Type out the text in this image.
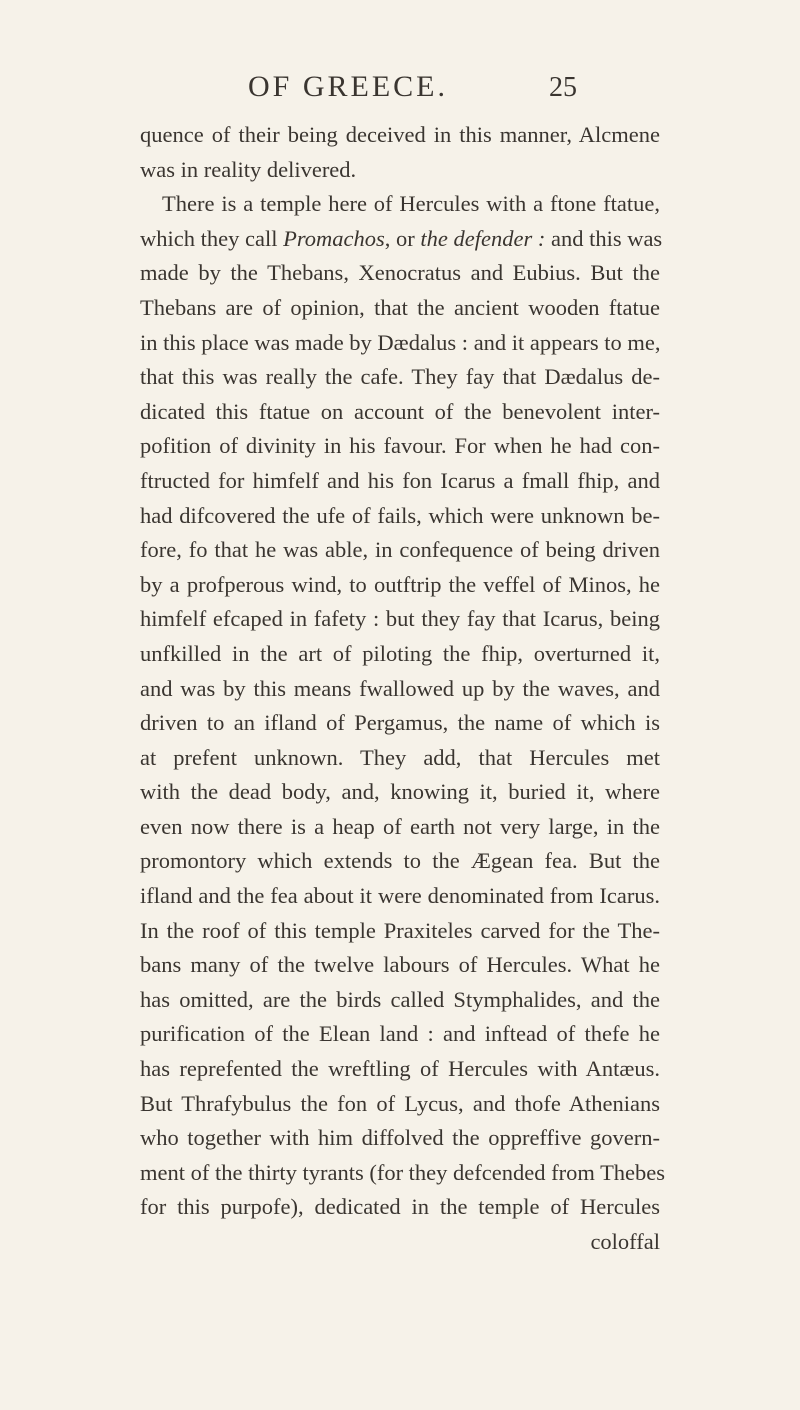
OF GREECE.	25
quence of their being deceived in this manner, Alcmene
was in reality delivered.
There is a temple here of Hercules with a ftone ftatue,
which they call Promachos, or the defender : and this was
made by the Thebans, Xenocratus and Eubius. But the
Thebans are of opinion, that the ancient wooden ftatue
in this place was made by Dædalus : and it appears to me,
that this was really the cafe. They fay that Dædalus de-
dicated this ftatue on account of the benevolent inter-
pofition of divinity in his favour. For when he had con-
ftructed for himfelf and his fon Icarus a fmall fhip, and
had difcovered the ufe of fails, which were unknown be-
fore, fo that he was able, in confequence of being driven
by a profperous wind, to outftrip the veffel of Minos, he
himfelf efcaped in fafety : but they fay that Icarus, being
unfkilled in the art of piloting the fhip, overturned it,
and was by this means fwallowed up by the waves, and
driven to an ifland of Pergamus, the name of which is
at prefent unknown. They add, that Hercules met
with the dead body, and, knowing it, buried it, where
even now there is a heap of earth not very large, in the
promontory which extends to the Ægean fea. But the
ifland and the fea about it were denominated from Icarus.
In the roof of this temple Praxiteles carved for the The-
bans many of the twelve labours of Hercules. What he
has omitted, are the birds called Stymphalides, and the
purification of the Elean land : and inftead of thefe he
has reprefented the wreftling of Hercules with Antæus.
But Thrafybulus the fon of Lycus, and thofe Athenians
who together with him diffolved the oppreffive govern-
ment of the thirty tyrants (for they defcended from Thebes
for this purpofe), dedicated in the temple of Hercules
coloffal
